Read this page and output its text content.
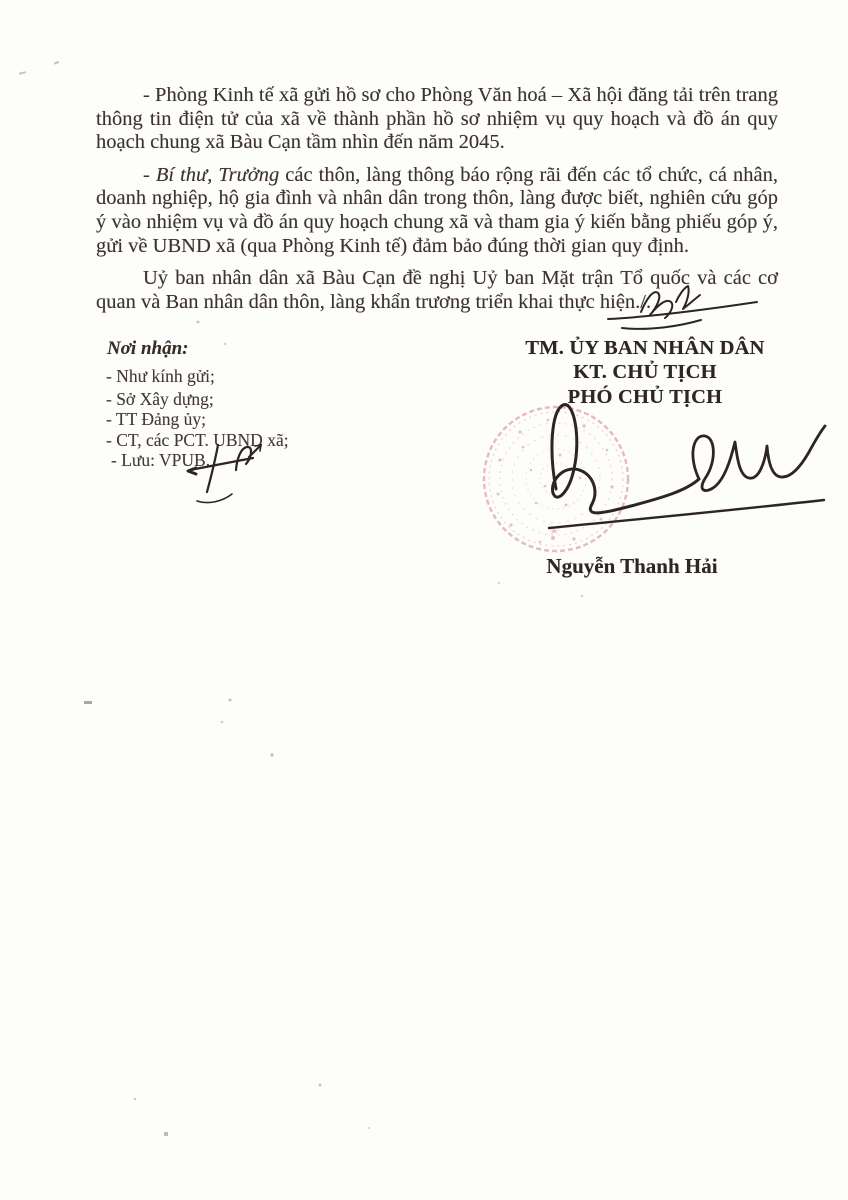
- Phòng Kinh tế xã gửi hồ sơ cho Phòng Văn hoá – Xã hội đăng tải trên trang thông tin điện tử của xã về thành phần hồ sơ nhiệm vụ quy hoạch và đồ án quy hoạch chung xã Bàu Cạn tầm nhìn đến năm 2045.

- Bí thư, Trưởng các thôn, làng thông báo rộng rãi đến các tổ chức, cá nhân, doanh nghiệp, hộ gia đình và nhân dân trong thôn, làng được biết, nghiên cứu góp ý vào nhiệm vụ và đồ án quy hoạch chung xã và tham gia ý kiến bằng phiếu góp ý, gửi về UBND xã (qua Phòng Kinh tế) đảm bảo đúng thời gian quy định.

Uỷ ban nhân dân xã Bàu Cạn đề nghị Uỷ ban Mặt trận Tổ quốc và các cơ quan và Ban nhân dân thôn, làng khẩn trương triển khai thực hiện./.

Nơi nhận:
- Như kính gửi;
- Sở Xây dựng;
- TT Đảng ủy;
- CT, các PCT. UBND xã;
- Lưu: VPUB.
TM. ỦY BAN NHÂN DÂN
KT. CHỦ TỊCH
PHÓ CHỦ TỊCH
Nguyễn Thanh Hải
